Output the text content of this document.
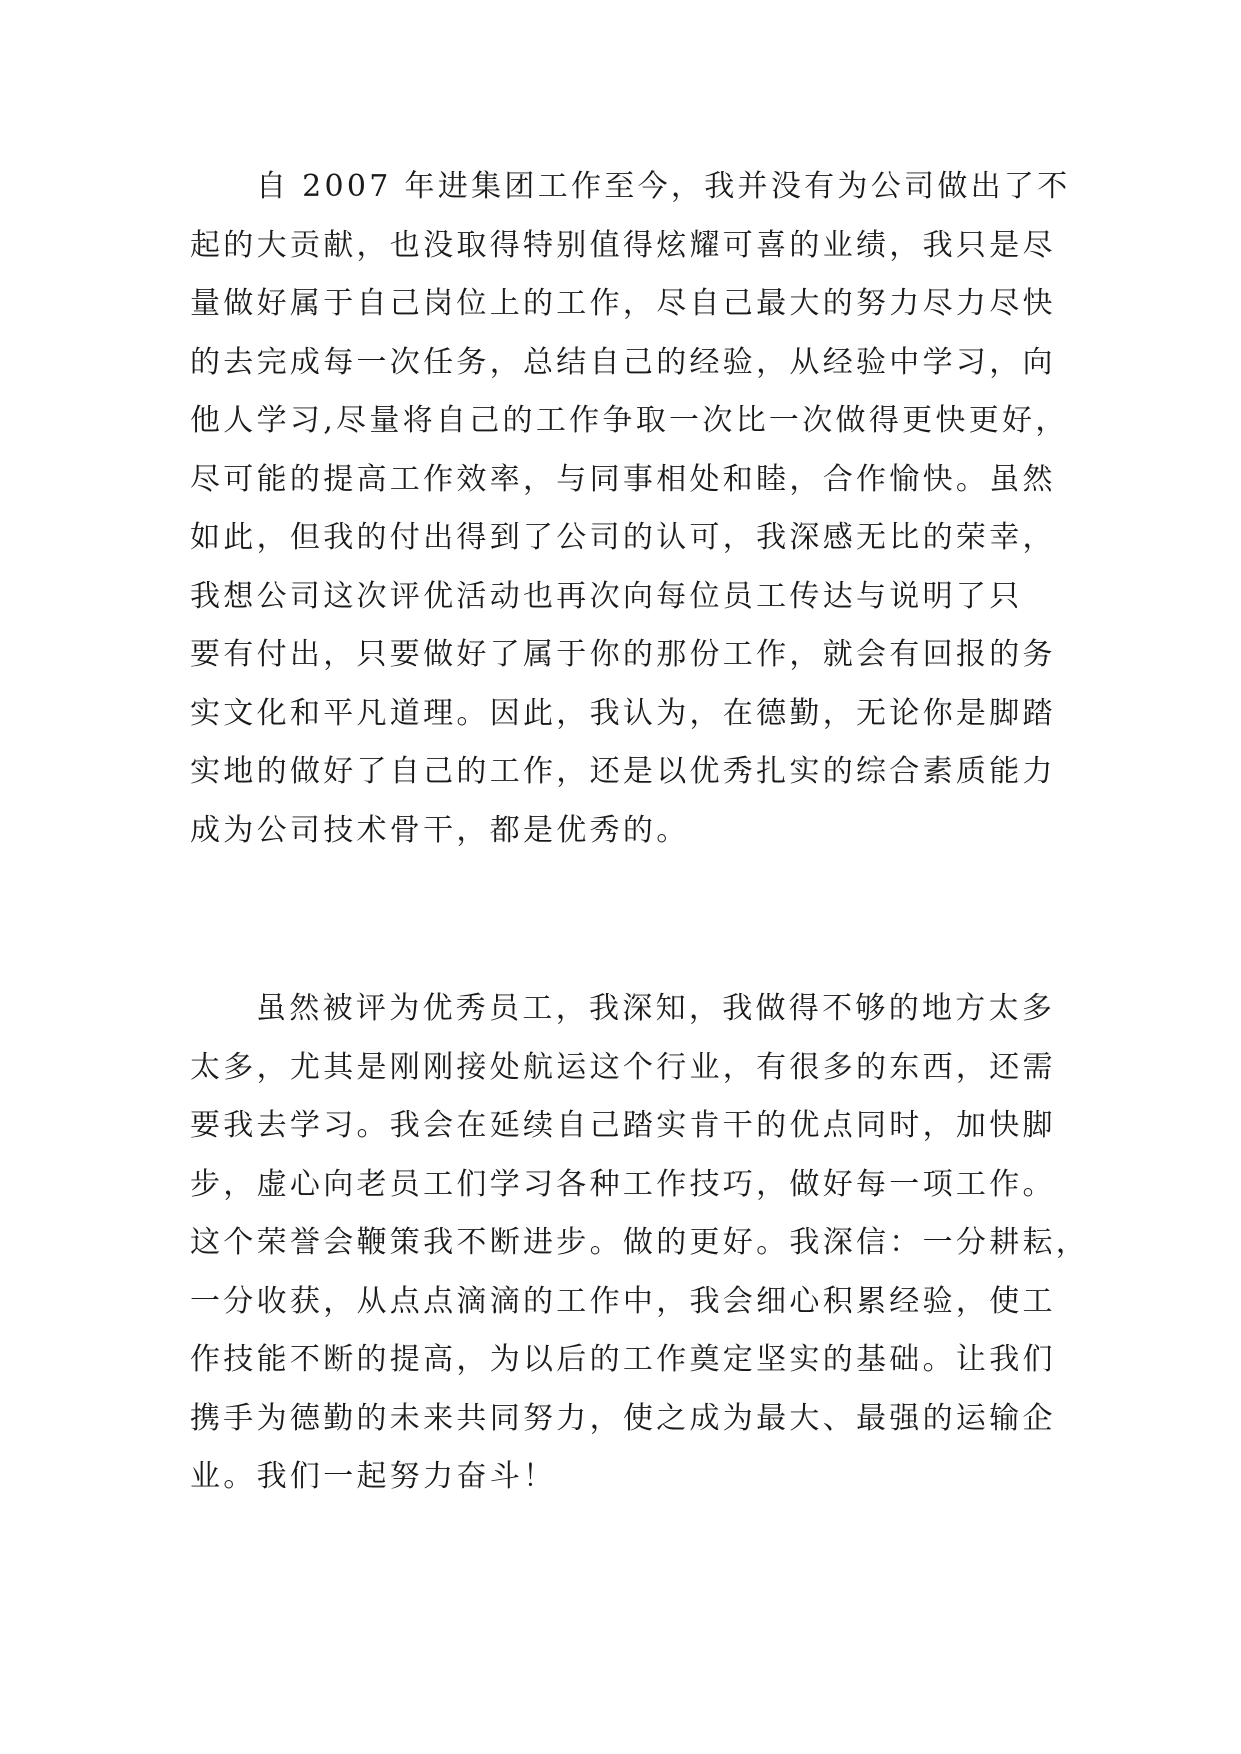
自 2007 年进集团工作至今，我并没有为公司做出了不
起的大贡献，也没取得特别值得炫耀可喜的业绩，我只是尽
量做好属于自己岗位上的工作，尽自己最大的努力尽力尽快
的去完成每一次任务，总结自己的经验，从经验中学习，向
他人学习,尽量将自己的工作争取一次比一次做得更快更好，
尽可能的提高工作效率，与同事相处和睦，合作愉快。虽然
如此，但我的付出得到了公司的认可，我深感无比的荣幸，
我想公司这次评优活动也再次向每位员工传达与说明了只
要有付出，只要做好了属于你的那份工作，就会有回报的务
实文化和平凡道理。因此，我认为，在德勤，无论你是脚踏
实地的做好了自己的工作，还是以优秀扎实的综合素质能力
成为公司技术骨干，都是优秀的。
虽然被评为优秀员工，我深知，我做得不够的地方太多
太多，尤其是刚刚接处航运这个行业，有很多的东西，还需
要我去学习。我会在延续自己踏实肯干的优点同时，加快脚
步，虚心向老员工们学习各种工作技巧，做好每一项工作。
这个荣誉会鞭策我不断进步。做的更好。我深信：一分耕耘，
一分收获，从点点滴滴的工作中，我会细心积累经验，使工
作技能不断的提高，为以后的工作奠定坚实的基础。让我们
携手为德勤的未来共同努力，使之成为最大、最强的运输企
业。我们一起努力奋斗！
